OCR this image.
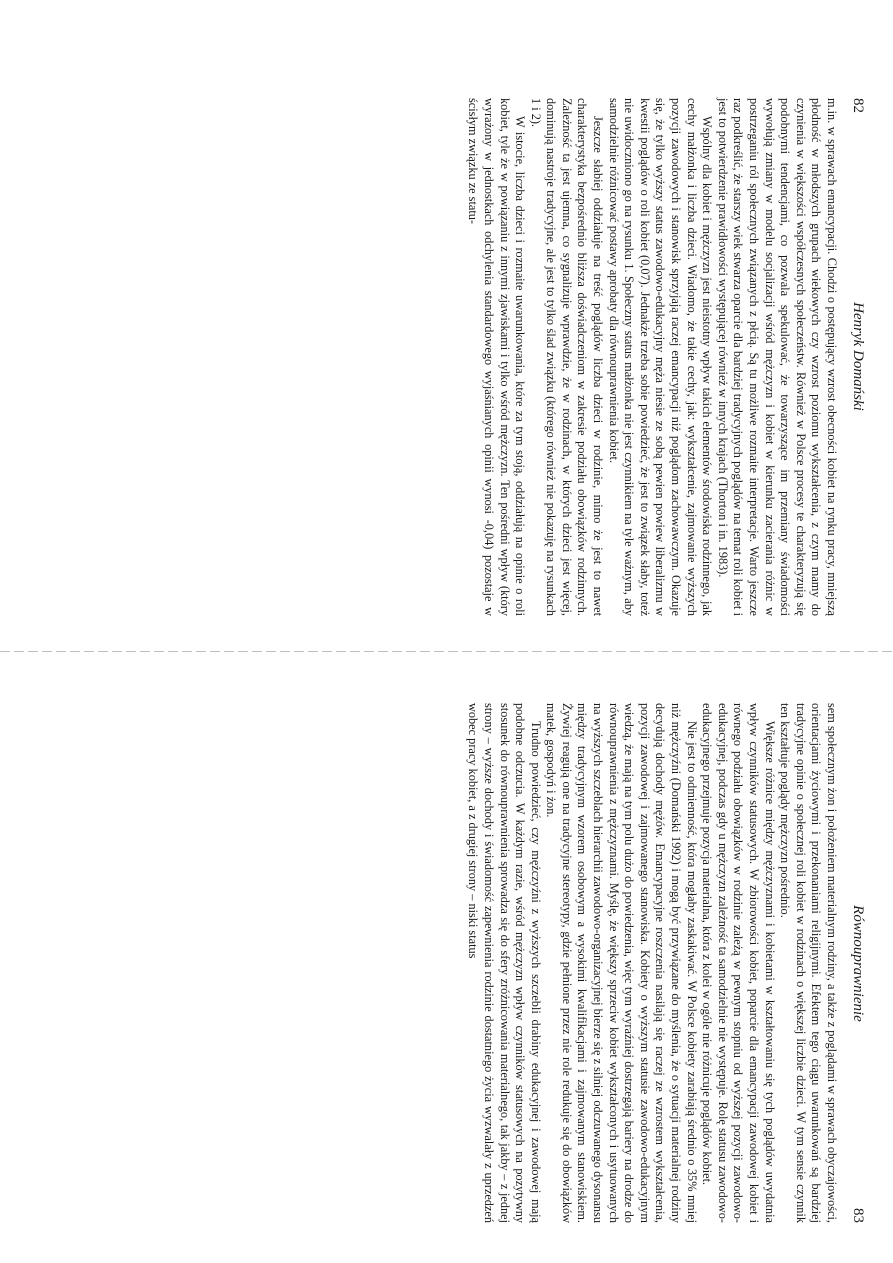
82
Henryk Domański

m.in. w sprawach emancypacji. Chodzi o postępujący wzrost obecności kobiet na rynku pracy, mniejszą płodność w młodszych grupach wiekowych czy wzrost poziomu wykształcenia, z czym mamy do czynienia w większości współczesnych społeczeństw. Również w Polsce procesy te charakteryzują się podobnymi tendencjami, co pozwala spekulować, że towarzyszące im przemiany świadomości wywołują zmiany w modelu socjalizacji wśród mężczyzn i kobiet w kierunku zacierania różnic w postrzeganiu ról społecznych związanych z płcią. Są tu możliwe rozmaite interpretacje. Warto jeszcze raz podkreślić, że starszy wiek stwarza oparcie dla bardziej tradycyjnych poglądów na temat roli kobiet i jest to potwierdzenie prawidłowości występującej również w innych krajach (Thorton i in. 1983).

Wspólny dla kobiet i mężczyzn jest nieistotny wpływ takich elementów środowiska rodzinnego, jak cechy małżonka i liczba dzieci. Wiadomo, że takie cechy, jak: wykształcenie, zajmowanie wyższych pozycji zawodowych i stanowisk sprzyjają raczej emancypacji niż poglądom zachowawczym. Okazuje się, że tylko wyższy status zawodowo-edukacyjny męża niesie ze sobą pewien powiew liberalizmu w kwestii poglądów o roli kobiet (0,07). Jednakże trzeba sobie powiedzieć, że jest to związek słaby, toteż nie uwidoczniono go na rysunku 1. Społeczny status małżonka nie jest czynnikiem na tyle ważnym, aby samodzielnie różnicować postawy aprobaty dla równouprawnienia kobiet.

Jeszcze słabiej oddziałuje na treść poglądów liczba dzieci w rodzinie, mimo że jest to nawet charakterystyka bezpośrednio bliższa doświadczeniom w zakresie podziału obowiązków rodzinnych. Zależność ta jest ujemna, co sygnalizuje wprawdzie, że w rodzinach, w których dzieci jest więcej, dominują nastroje tradycyjne, ale jest to tylko ślad związku (którego również nie pokazuję na rysunkach 1 i 2).

W istocie, liczba dzieci i rozmaite uwarunkowania, które za tym stoją, oddziałują na opinie o roli kobiet, tyle że w powiązaniu z innymi zjawiskami i tylko wśród mężczyzn. Ten pośredni wpływ (który wyrażony w jednostkach odchylenia standardowego wyjaśnianych opinii wynosi -0,04) pozostaje w ścisłym związku ze statu-

Równouprawnienie
83

sem społecznym żon i położeniem materialnym rodziny, a także z poglądami w sprawach obyczajowości, orientacjami życiowymi i przekonaniami religijnymi. Efektem tego ciągu uwarunkowań są bardziej tradycyjne opinie o społecznej roli kobiet w rodzinach o większej liczbie dzieci. W tym sensie czynnik ten kształtuje poglądy mężczyzn pośrednio.

Większe różnice między mężczyznami i kobietami w kształtowaniu się tych poglądów uwydatnia wpływ czynników statusowych. W zbiorowości kobiet, poparcie dla emancypacji zawodowej kobiet i równego podziału obowiązków w rodzinie zależą w pewnym stopniu od wyższej pozycji zawodowo-edukacyjnej, podczas gdy u mężczyzn zależność ta samodzielnie nie występuje. Rolę statusu zawodowo-edukacyjnego przejmuje pozycja materialna, która z kolei w ogóle nie różnicuje poglądów kobiet.

Nie jest to odmienność, która mogłaby zaskakiwać. W Polsce kobiety zarabiają średnio o 35% mniej niż mężczyźni (Domański 1992) i mogą być przywiązane do myślenia, że o sytuacji materialnej rodziny decydują dochody mężów. Emancypacyjne roszczenia nasilają się raczej ze wzrostem wykształcenia, pozycji zawodowej i zajmowanego stanowiska. Kobiety o wyższym statusie zawodowo-edukacyjnym wiedzą, że mają na tym polu dużo do powiedzenia, więc tym wyraźniej dostrzegają bariery na drodze do równouprawnienia z mężczyznami. Myślę, że większy sprzeciw kobiet wykształconych i usytuowanych na wyższych szczeblach hierarchii zawodowo-organizacyjnej bierze się z silniej odczuwanego dysonansu między tradycyjnym wzorem osobowym a wysokimi kwalifikacjami i zajmowanym stanowiskiem. Żywiej reagują one na tradycyjne stereotypy, gdzie pełnione przez nie role redukuje się do obowiązków matek, gospodyń i żon.

Trudno powiedzieć, czy mężczyźni z wyższych szczebli drabiny edukacyjnej i zawodowej mają podobne odczucia. W każdym razie, wśród mężczyzn wpływ czynników statusowych na pozytywny stosunek do równouprawnienia sprowadza się do sfery zróżnicowania materialnego, tak jakby – z jednej strony – wyższe dochody i świadomość zapewnienia rodzinie dostatniego życia wyzwalały z uprzedzeń wobec pracy kobiet, a z drugiej strony – niski status
